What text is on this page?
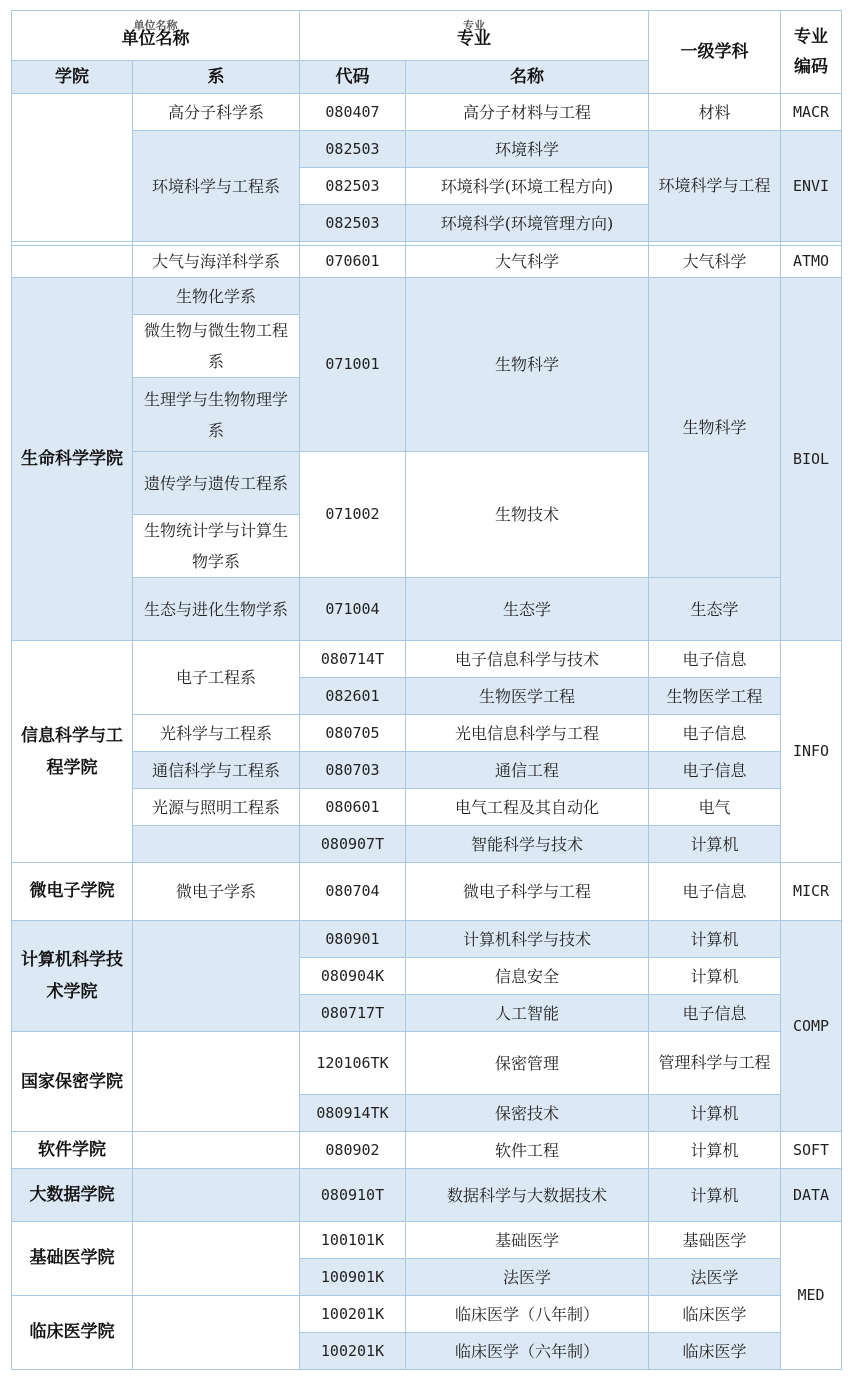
单位名称
单位名称		专业
专业		一级学科	专业
编码
学院	系	代码	名称		
	高分子科学系	080407	高分子材料与工程	材料	MACR
	环境科学与工程系	082503	环境科学	环境科学与工程	ENVI
		082503	环境科学(环境工程方向)		
		082503	环境科学(环境管理方向)		

	大气与海洋科学系	070601	大气科学	大气科学	ATMO
生命科学学院	生物化学系	071001	生物科学	生物科学	BIOL
	微生物与微生物工程系				
	生理学与生物物理学系				
	遗传学与遗传工程系	071002	生物技术		
	生物统计学与计算生物学系				
	生态与进化生物学系	071004	生态学	生态学	
信息科学与工程学院	电子工程系	080714T	电子信息科学与技术	电子信息	INFO
		082601	生物医学工程	生物医学工程	
	光科学与工程系	080705	光电信息科学与工程	电子信息	
	通信科学与工程系	080703	通信工程	电子信息	
	光源与照明工程系	080601	电气工程及其自动化	电气	
		080907T	智能科学与技术	计算机	
微电子学院	微电子学系	080704	微电子科学与工程	电子信息	MICR
计算机科学技术学院		080901	计算机科学与技术	计算机	COMP
		080904K	信息安全	计算机	
		080717T	人工智能	电子信息	
国家保密学院		120106TK	保密管理	管理科学与工程	
		080914TK	保密技术	计算机	
软件学院		080902	软件工程	计算机	SOFT
大数据学院		080910T	数据科学与大数据技术	计算机	DATA
基础医学院		100101K	基础医学	基础医学	MED
		100901K	法医学	法医学	
临床医学院		100201K	临床医学（八年制）	临床医学	
		100201K	临床医学（六年制）	临床医学	
